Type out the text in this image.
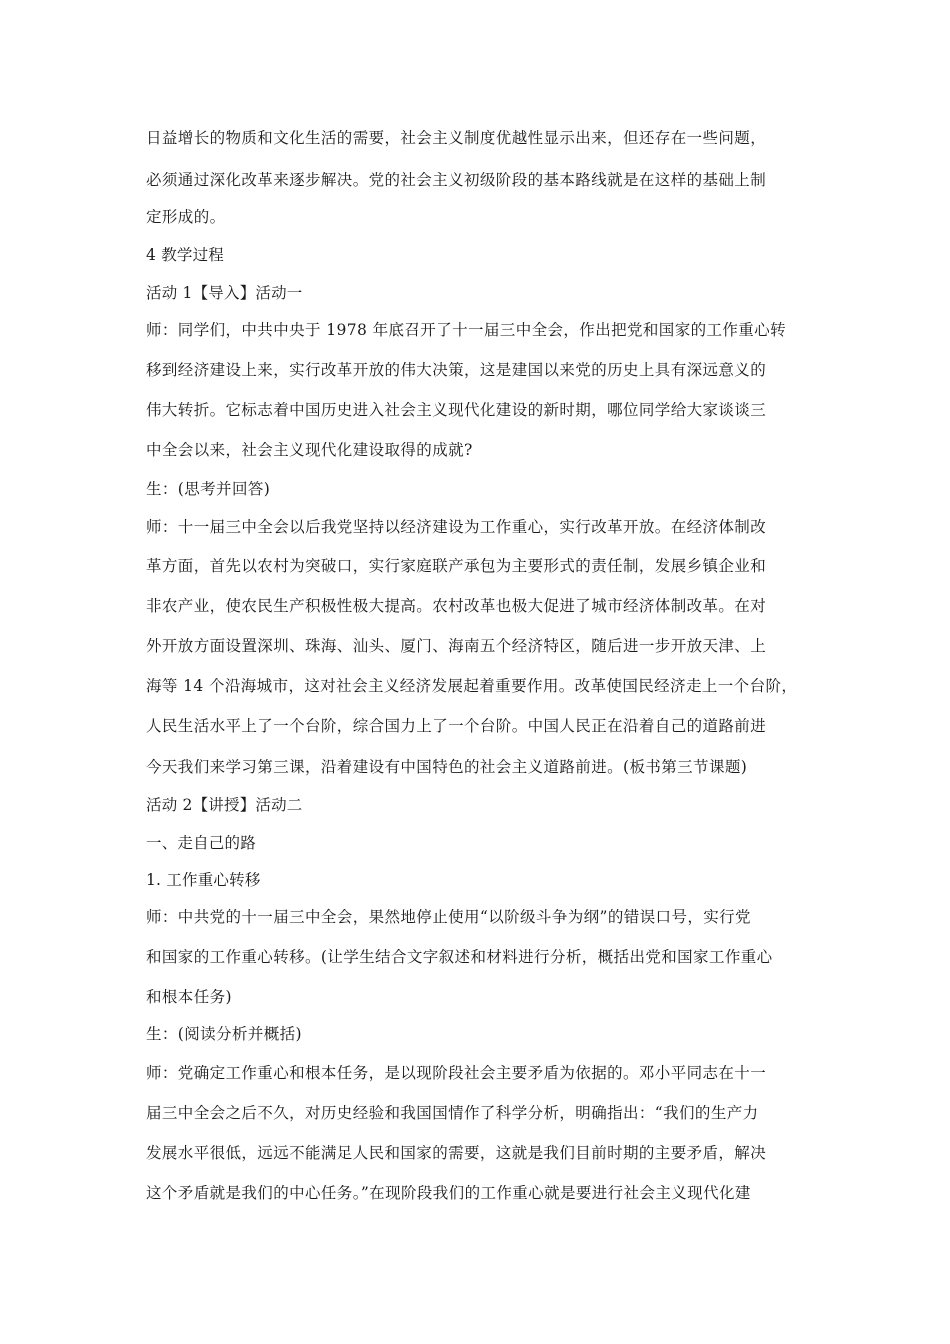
日益增长的物质和文化生活的需要，社会主义制度优越性显示出来，但还存在一些问题，
必须通过深化改革来逐步解决。党的社会主义初级阶段的基本路线就是在这样的基础上制
定形成的。
4 教学过程
活动 1【导入】活动一
师：同学们，中共中央于 1978 年底召开了十一届三中全会，作出把党和国家的工作重心转
移到经济建设上来，实行改革开放的伟大决策，这是建国以来党的历史上具有深远意义的
伟大转折。它标志着中国历史进入社会主义现代化建设的新时期，哪位同学给大家谈谈三
中全会以来，社会主义现代化建设取得的成就?
生：(思考并回答)
师：十一届三中全会以后我党坚持以经济建设为工作重心，实行改革开放。在经济体制改
革方面，首先以农村为突破口，实行家庭联产承包为主要形式的责任制，发展乡镇企业和
非农产业，使农民生产积极性极大提高。农村改革也极大促进了城市经济体制改革。在对
外开放方面设置深圳、珠海、汕头、厦门、海南五个经济特区，随后进一步开放天津、上
海等 14 个沿海城市，这对社会主义经济发展起着重要作用。改革使国民经济走上一个台阶，
人民生活水平上了一个台阶，综合国力上了一个台阶。中国人民正在沿着自己的道路前进
今天我们来学习第三课，沿着建设有中国特色的社会主义道路前进。(板书第三节课题)
活动 2【讲授】活动二
一、走自己的路
1. 工作重心转移
师：中共党的十一届三中全会，果然地停止使用“以阶级斗争为纲”的错误口号，实行党
和国家的工作重心转移。(让学生结合文字叙述和材料进行分析，概括出党和国家工作重心
和根本任务)
生：(阅读分析并概括)
师：党确定工作重心和根本任务，是以现阶段社会主要矛盾为依据的。邓小平同志在十一
届三中全会之后不久，对历史经验和我国国情作了科学分析，明确指出：“我们的生产力
发展水平很低，远远不能满足人民和国家的需要，这就是我们目前时期的主要矛盾，解决
这个矛盾就是我们的中心任务。”在现阶段我们的工作重心就是要进行社会主义现代化建
